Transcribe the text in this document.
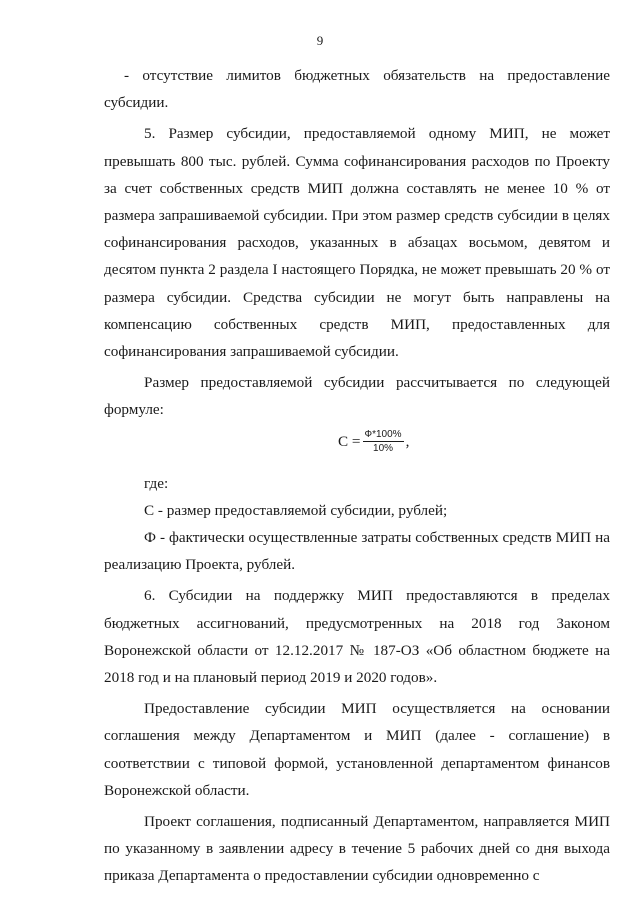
9

- отсутствие лимитов бюджетных обязательств на предоставление субсидии.

5. Размер субсидии, предоставляемой одному МИП, не может превышать 800 тыс. рублей. Сумма софинансирования расходов по Проекту за счет собственных средств МИП должна составлять не менее 10 % от размера запрашиваемой субсидии. При этом размер средств субсидии в целях софинансирования расходов, указанных в абзацах восьмом, девятом и десятом пункта 2 раздела I настоящего Порядка, не может превышать 20 % от размера субсидии. Средства субсидии не могут быть направлены на компенсацию собственных средств МИП, предоставленных для софинансирования запрашиваемой субсидии.

Размер предоставляемой субсидии рассчитывается по следующей формуле:

$С = \frac{Ф*100\%}{10\%}$ ,

где:

С - размер предоставляемой субсидии, рублей;

Ф - фактически осуществленные затраты собственных средств МИП на реализацию Проекта, рублей.

6. Субсидии на поддержку МИП предоставляются в пределах бюджетных ассигнований, предусмотренных на 2018 год Законом Воронежской области от 12.12.2017 № 187-ОЗ «Об областном бюджете на 2018 год и на плановый период 2019 и 2020 годов».

Предоставление субсидии МИП осуществляется на основании соглашения между Департаментом и МИП (далее - соглашение) в соответствии с типовой формой, установленной департаментом финансов Воронежской области.

Проект соглашения, подписанный Департаментом, направляется МИП по указанному в заявлении адресу в течение 5 рабочих дней со дня выхода приказа Департамента о предоставлении субсидии одновременно с
